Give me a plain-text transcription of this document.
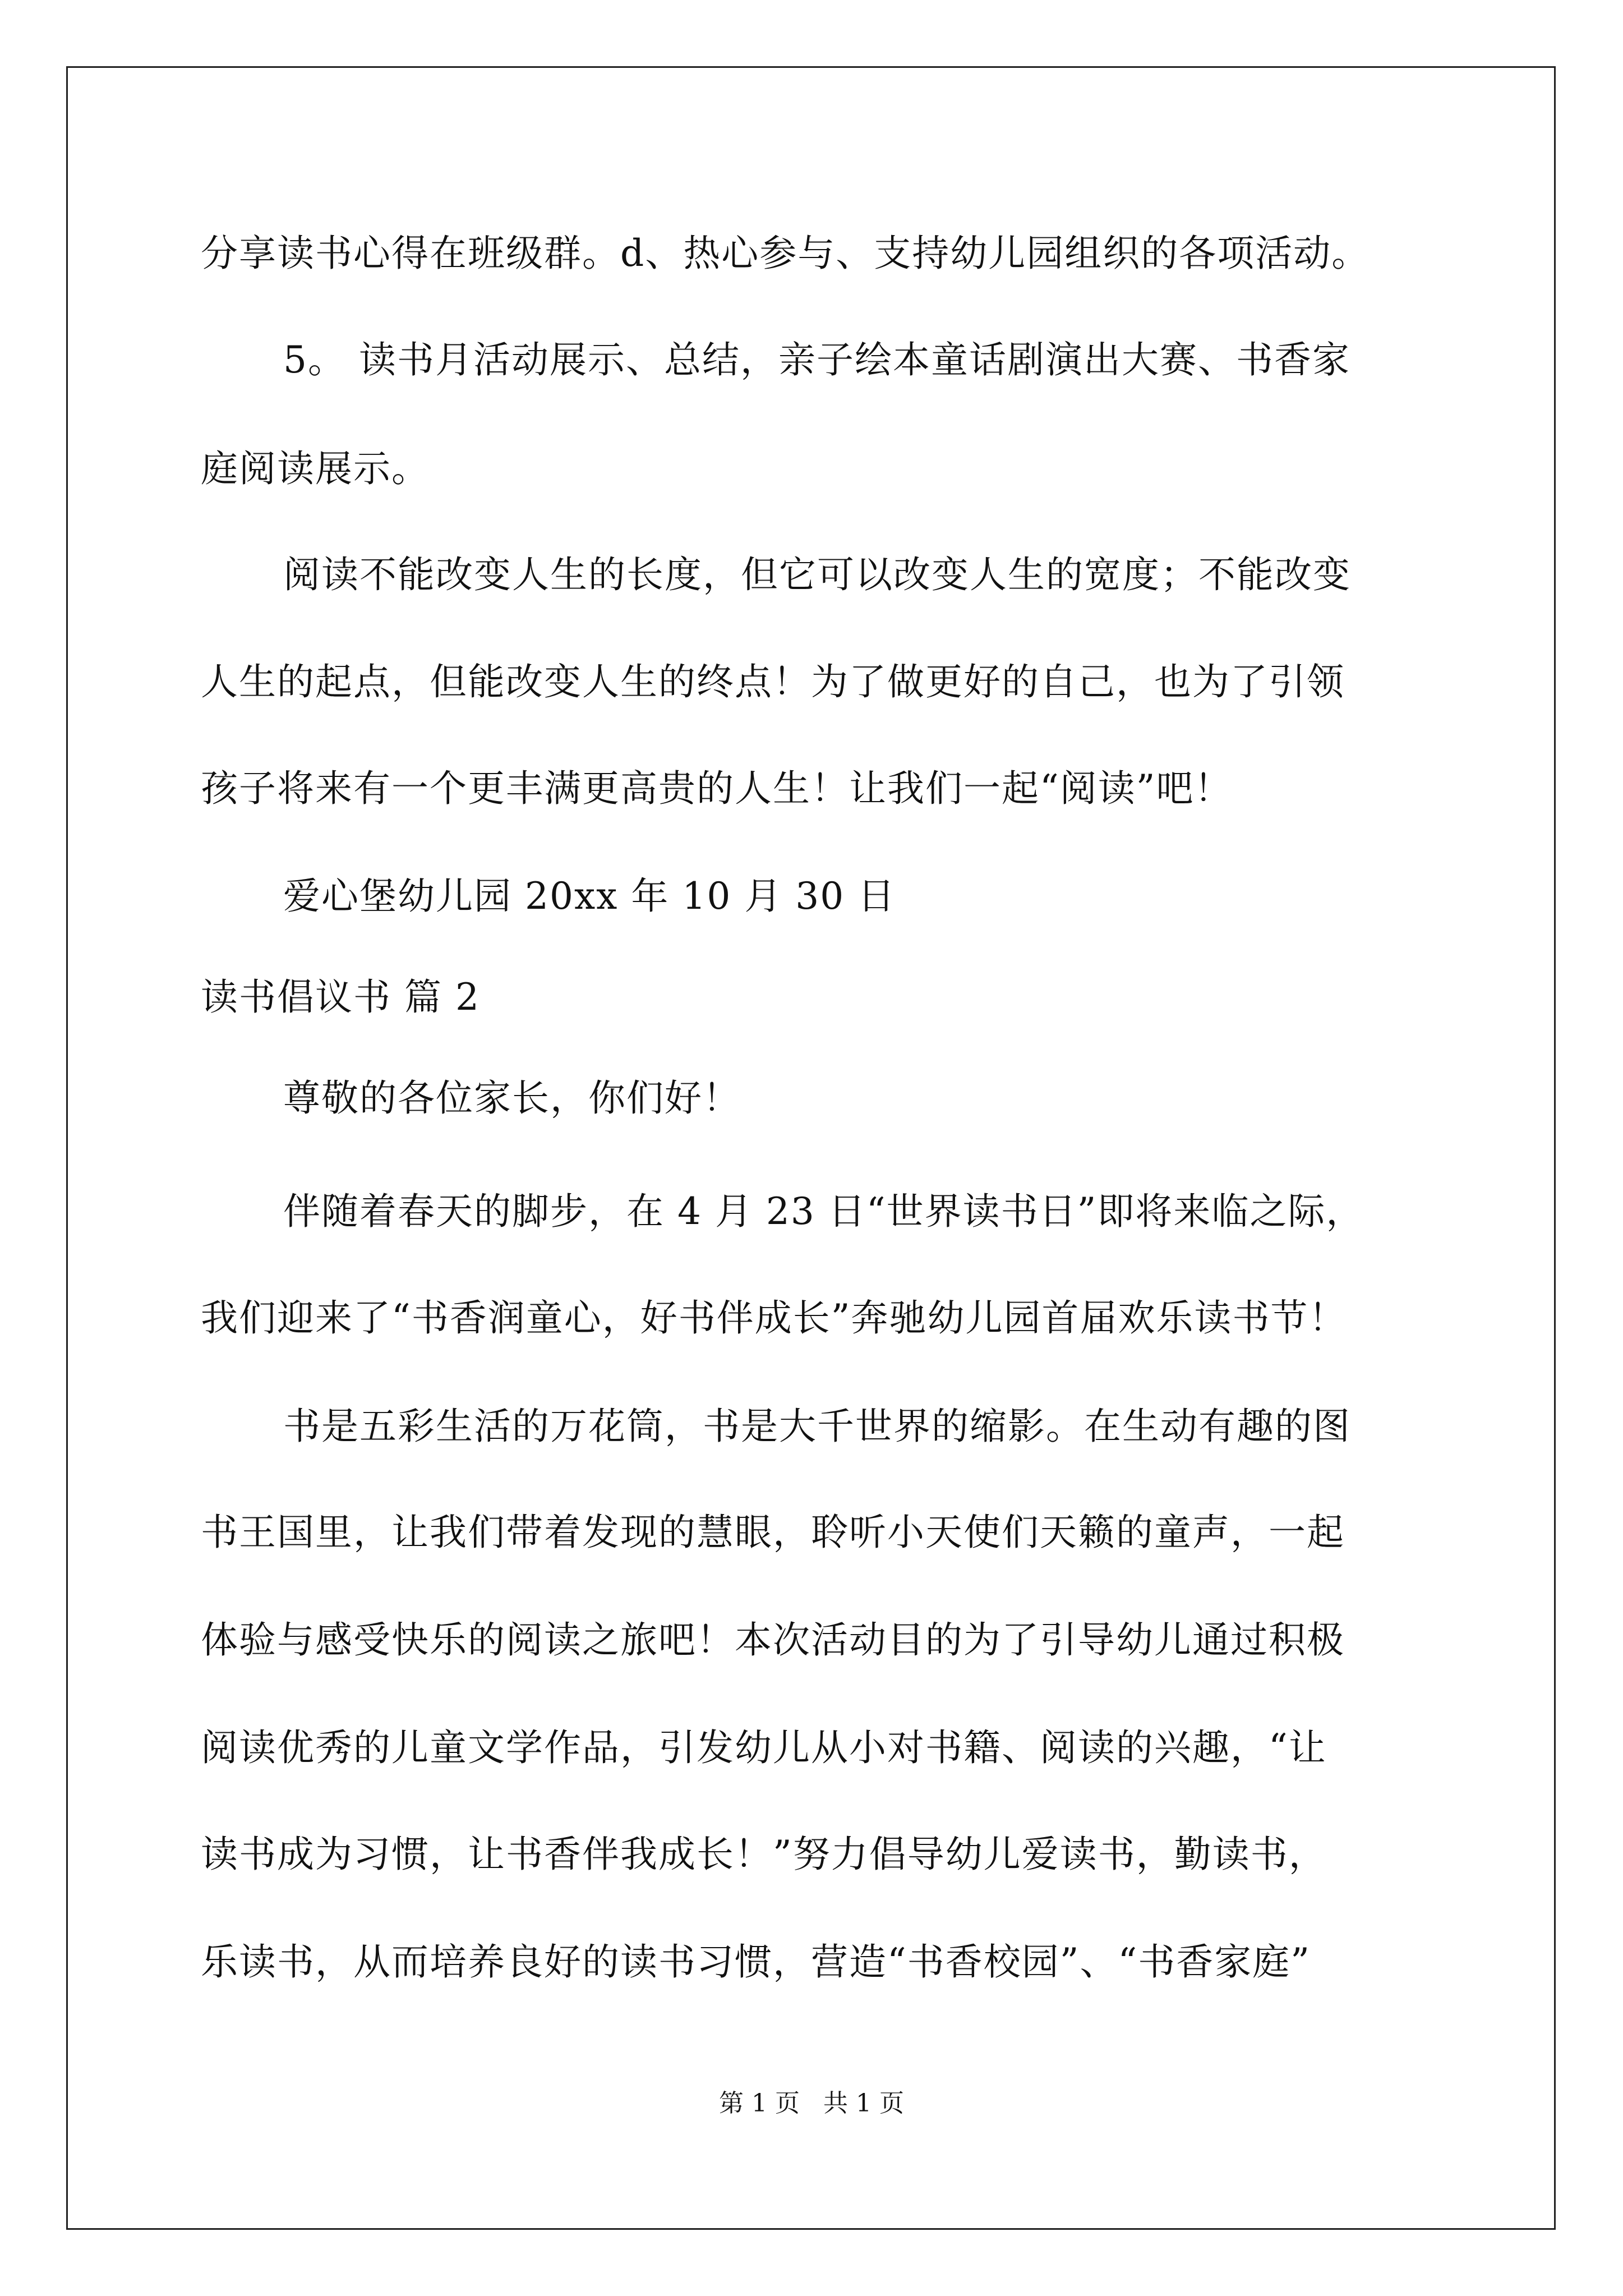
分享读书心得在班级群。d、热心参与、支持幼儿园组织的各项活动。
5。 读书月活动展示、总结，亲子绘本童话剧演出大赛、书香家
庭阅读展示。
阅读不能改变人生的长度，但它可以改变人生的宽度；不能改变
人生的起点，但能改变人生的终点！为了做更好的自己，也为了引领
孩子将来有一个更丰满更高贵的人生！让我们一起“阅读”吧！
爱心堡幼儿园 20xx 年 10 月 30 日
读书倡议书 篇 2
尊敬的各位家长，你们好！
伴随着春天的脚步，在 4 月 23 日“世界读书日”即将来临之际，
我们迎来了“书香润童心，好书伴成长”奔驰幼儿园首届欢乐读书节！
书是五彩生活的万花筒，书是大千世界的缩影。在生动有趣的图
书王国里，让我们带着发现的慧眼，聆听小天使们天籁的童声，一起
体验与感受快乐的阅读之旅吧！本次活动目的为了引导幼儿通过积极
阅读优秀的儿童文学作品，引发幼儿从小对书籍、阅读的兴趣，“让
读书成为习惯，让书香伴我成长！”努力倡导幼儿爱读书，勤读书，
乐读书，从而培养良好的读书习惯，营造“书香校园”、“书香家庭”
第 1 页   共 1 页
